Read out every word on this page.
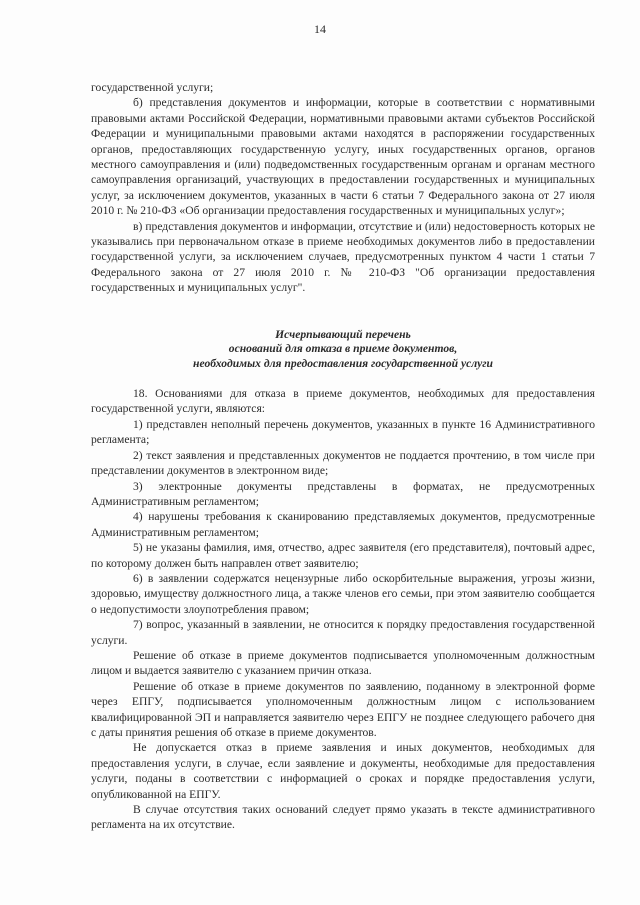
14

государственной услуги;

б) представления документов и информации, которые в соответствии с нормативными правовыми актами Российской Федерации, нормативными правовыми актами субъектов Российской Федерации и муниципальными правовыми актами находятся в распоряжении государственных органов, предоставляющих государственную услугу, иных государственных органов, органов местного самоуправления и (или) подведомственных государственным органам и органам местного самоуправления организаций, участвующих в предоставлении государственных и муниципальных услуг, за исключением документов, указанных в части 6 статьи 7 Федерального закона от 27 июля 2010 г. № 210-ФЗ «Об организации предоставления государственных и муниципальных услуг»;

в) представления документов и информации, отсутствие и (или) недостоверность которых не указывались при первоначальном отказе в приеме необходимых документов либо в предоставлении государственной услуги, за исключением случаев, предусмотренных пунктом 4 части 1 статьи 7 Федерального закона от 27 июля 2010 г. № 210-ФЗ "Об организации предоставления государственных и муниципальных услуг".

Исчерпывающий перечень
оснований для отказа в приеме документов,
необходимых для предоставления государственной услуги

18. Основаниями для отказа в приеме документов, необходимых для предоставления государственной услуги, являются:

1) представлен неполный перечень документов, указанных в пункте 16 Административного регламента;

2) текст заявления и представленных документов не поддается прочтению, в том числе при представлении документов в электронном виде;

3) электронные документы представлены в форматах, не предусмотренных Административным регламентом;

4) нарушены требования к сканированию представляемых документов, предусмотренные Административным регламентом;

5) не указаны фамилия, имя, отчество, адрес заявителя (его представителя), почтовый адрес, по которому должен быть направлен ответ заявителю;

6) в заявлении содержатся нецензурные либо оскорбительные выражения, угрозы жизни, здоровью, имуществу должностного лица, а также членов его семьи, при этом заявителю сообщается о недопустимости злоупотребления правом;

7) вопрос, указанный в заявлении, не относится к порядку предоставления государственной услуги.

Решение об отказе в приеме документов подписывается уполномоченным должностным лицом и выдается заявителю с указанием причин отказа.

Решение об отказе в приеме документов по заявлению, поданному в электронной форме через ЕПГУ, подписывается уполномоченным должностным лицом с использованием квалифицированной ЭП и направляется заявителю через ЕПГУ не позднее следующего рабочего дня с даты принятия решения об отказе в приеме документов.

Не допускается отказ в приеме заявления и иных документов, необходимых для предоставления услуги, в случае, если заявление и документы, необходимые для предоставления услуги, поданы в соответствии с информацией о сроках и порядке предоставления услуги, опубликованной на ЕПГУ.

В случае отсутствия таких оснований следует прямо указать в тексте административного регламента на их отсутствие.
